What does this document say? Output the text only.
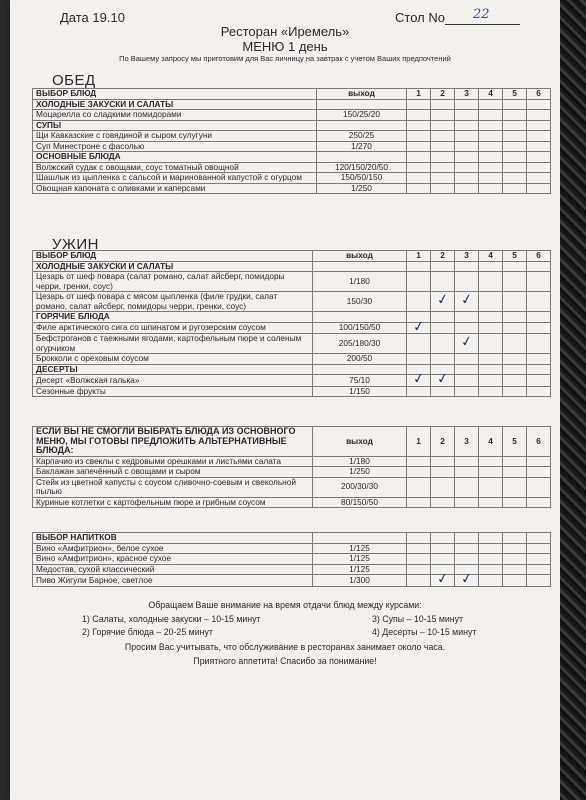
Дата 19.10	Стол No 22
Ресторан «Иремель»
МЕНЮ 1 день
По Вашему запросу мы приготовим для Вас яичницу на завтрак с учетом Ваших предпочтений
ОБЕД
ВЫБОР БЛЮД	выход	1	2	3	4	5	6
ХОЛОДНЫЕ ЗАКУСКИ И САЛАТЫ							
Моцарелла со сладкими помидорами	150/25/20						
СУПЫ							
Щи Кавказские с говядиной и сыром сулугуни	250/25						
Суп Минестроне с фасолью	1/270						
ОСНОВНЫЕ БЛЮДА							
Волжский судак с овощами, соус томатный овощной	120/150/20/50						
Шашлык из цыпленка с сальсой и маринованной капустой с огурцом	150/50/150						
Овощная капоната с оливками и каперсами	1/250						
УЖИН
ВЫБОР БЛЮД	выход	1	2	3	4	5	6
ХОЛОДНЫЕ ЗАКУСКИ И САЛАТЫ							
Цезарь от шеф повара (салат романо, салат айсберг, помидоры черри, гренки, соус)	1/180						
Цезарь от шеф повара с мясом цыпленка (филе грудки, салат романо, салат айсберг, помидоры черри, гренки, соус)	150/30		✓	✓			
ГОРЯЧИЕ БЛЮДА							
Филе арктического сига со шпинатом и ругозерским соусом	100/150/50	✓					
Бефстроганов с таежными ягодами, картофельным пюре и соленым огурчиком	205/180/30			✓			
Брокколи с ореховым соусом	200/50						
ДЕСЕРТЫ							
Десерт «Волжская галька»	75/10	✓	✓				
Сезонные фрукты	1/150						
ЕСЛИ ВЫ НЕ СМОГЛИ ВЫБРАТЬ БЛЮДА ИЗ ОСНОВНОГО МЕНЮ, МЫ ГОТОВЫ ПРЕДЛОЖИТЬ АЛЬТЕРНАТИВНЫЕ БЛЮДА:	выход	1	2	3	4	5	6
Карпачио из свеклы с кедровыми орешками и листьями салата	1/180						
Баклажан запечённый с овощами и сыром	1/250						
Стейк из цветной капусты с соусом сливочно-соевым и свекольной пылью	200/30/30						
Куриные котлетки с картофельным пюре и грибным соусом	80/150/50						
ВЫБОР НАПИТКОВ							
Вино «Амфитрион», белое сухое	1/125						
Вино «Амфитрион», красное сухое	1/125						
Медостав, сухой классический	1/125						
Пиво Жигули Барное, светлое	1/300		✓	✓			
Обращаем Ваше внимание на время отдачи блюд между курсами:
1) Салаты, холодные закуски – 10-15 минут	3) Супы – 10-15 минут
2) Горячие блюда – 20-25 минут	4) Десерты – 10-15 минут
Просим Вас учитывать, что обслуживание в ресторанах занимает около часа.
Приятного аппетита! Спасибо за понимание!
